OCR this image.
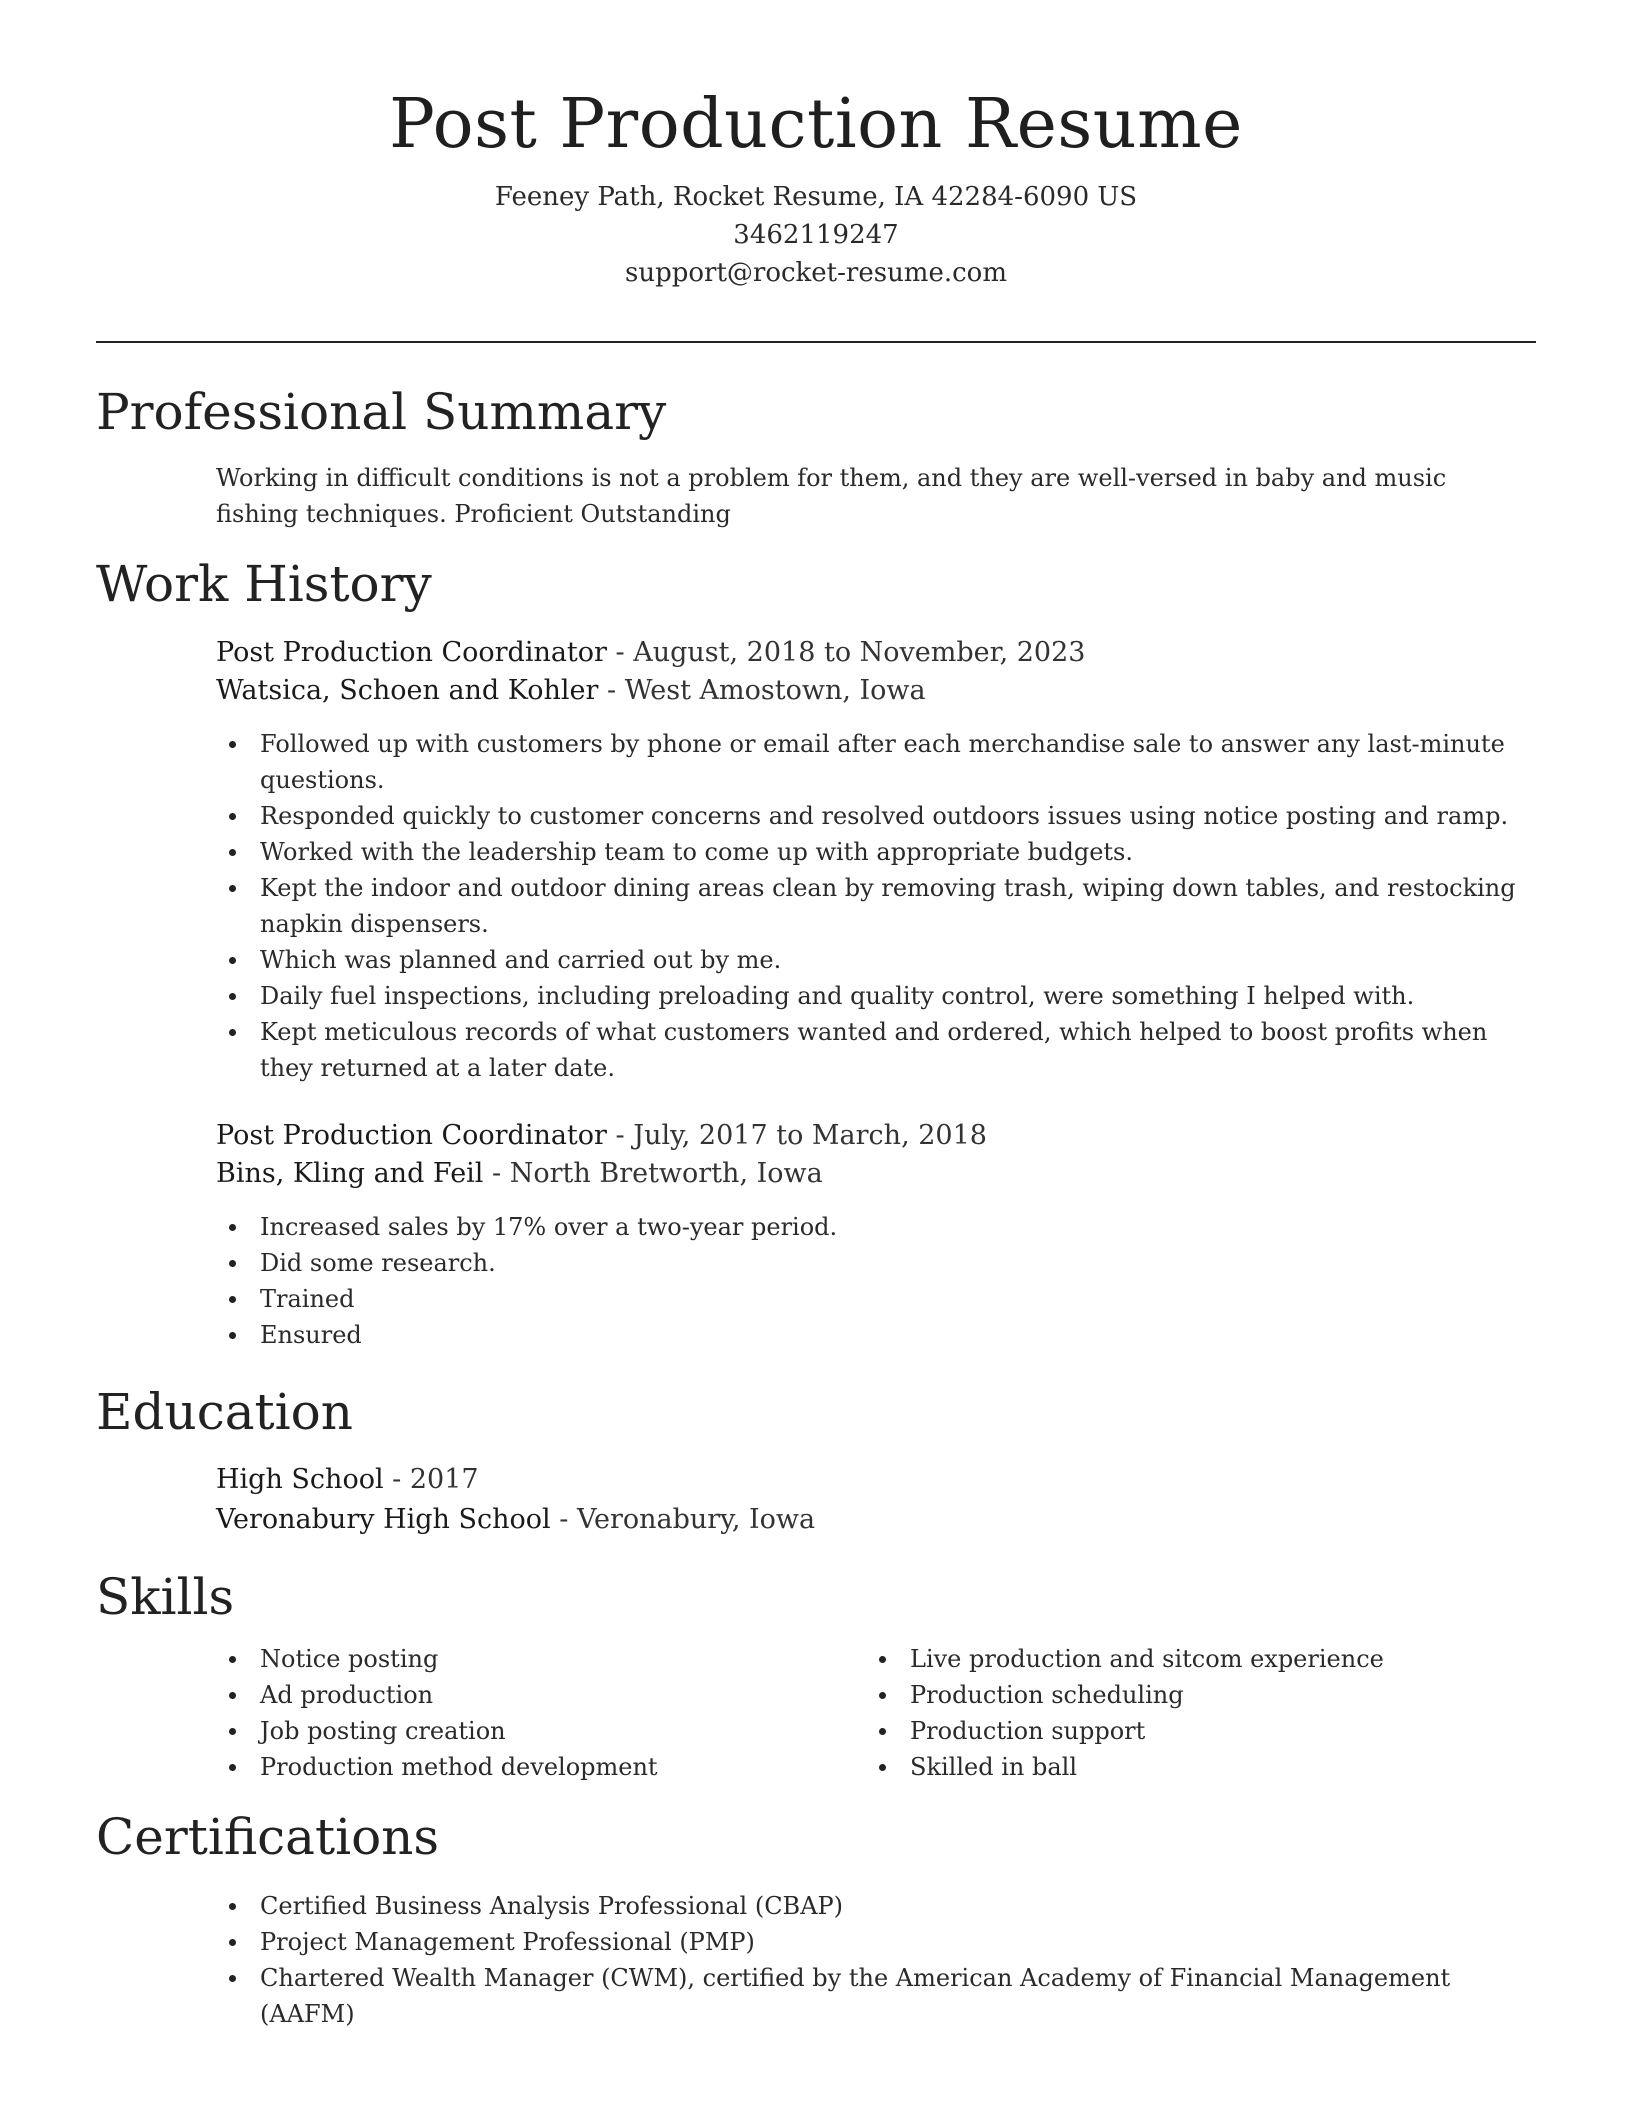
Post Production Resume
Feeney Path, Rocket Resume, IA 42284-6090 US
3462119247
support@rocket-resume.com
Professional Summary
Working in difficult conditions is not a problem for them, and they are well-versed in baby and music fishing techniques. Proficient Outstanding
Work History
Post Production Coordinator - August, 2018 to November, 2023
Watsica, Schoen and Kohler - West Amostown, Iowa
Followed up with customers by phone or email after each merchandise sale to answer any last-minute questions.
Responded quickly to customer concerns and resolved outdoors issues using notice posting and ramp.
Worked with the leadership team to come up with appropriate budgets.
Kept the indoor and outdoor dining areas clean by removing trash, wiping down tables, and restocking napkin dispensers.
Which was planned and carried out by me.
Daily fuel inspections, including preloading and quality control, were something I helped with.
Kept meticulous records of what customers wanted and ordered, which helped to boost profits when they returned at a later date.
Post Production Coordinator - July, 2017 to March, 2018
Bins, Kling and Feil - North Bretworth, Iowa
Increased sales by 17% over a two-year period.
Did some research.
Trained
Ensured
Education
High School - 2017
Veronabury High School - Veronabury, Iowa
Skills
Notice posting
Ad production
Job posting creation
Production method development
Live production and sitcom experience
Production scheduling
Production support
Skilled in ball
Certifications
Certified Business Analysis Professional (CBAP)
Project Management Professional (PMP)
Chartered Wealth Manager (CWM), certified by the American Academy of Financial Management (AAFM)
